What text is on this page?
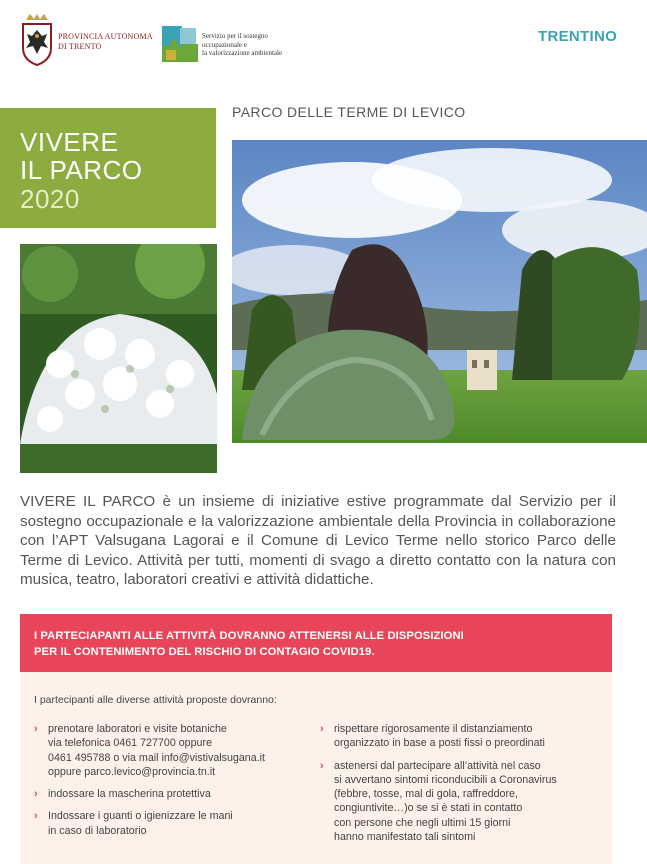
PROVINCIA AUTONOMA
DI TRENTO
Servizio per il sostegno
occupazionale e
la valorizzazione ambientale
TRENTINO
VIVERE
IL PARCO
2020
PARCO DELLE TERME DI LEVICO

VIVERE IL PARCO è un insieme di iniziative estive programmate dal Servizio per il sostegno occupazionale e la valorizzazione ambientale della Provincia in collaborazione con l’APT Valsugana Lagorai e il Comune di Levico Terme nello storico Parco delle Terme di Levico. Attività per tutti, momenti di svago a diretto contatto con la natura con musica, teatro, laboratori creativi e attività didattiche.

I PARTECIAPANTI ALLE ATTIVITÀ DOVRANNO ATTENERSI ALLE DISPOSIZIONI
PER IL CONTENIMENTO DEL RISCHIO DI CONTAGIO COVID19.
I partecipanti alle diverse attività proposte dovranno:
› prenotare laboratori e visite botaniche
via telefonica 0461 727700 oppure
0461 495788 o via mail info@vistivalsugana.it
oppure parco.levico@provincia.tn.it
› indossare la mascherina protettiva
› Indossare i guanti o igienizzare le mani
in caso di laboratorio
› rispettare rigorosamente il distanziamento
organizzato in base a posti fissi o preordinati
› astenersi dal partecipare all’attività nel caso
si avvertano sintomi riconducibili a Coronavirus
(febbre, tosse, mal di gola, raffreddore,
congiuntivite…)o se si è stati in contatto
con persone che negli ultimi 15 giorni
hanno manifestato tali sintomi
